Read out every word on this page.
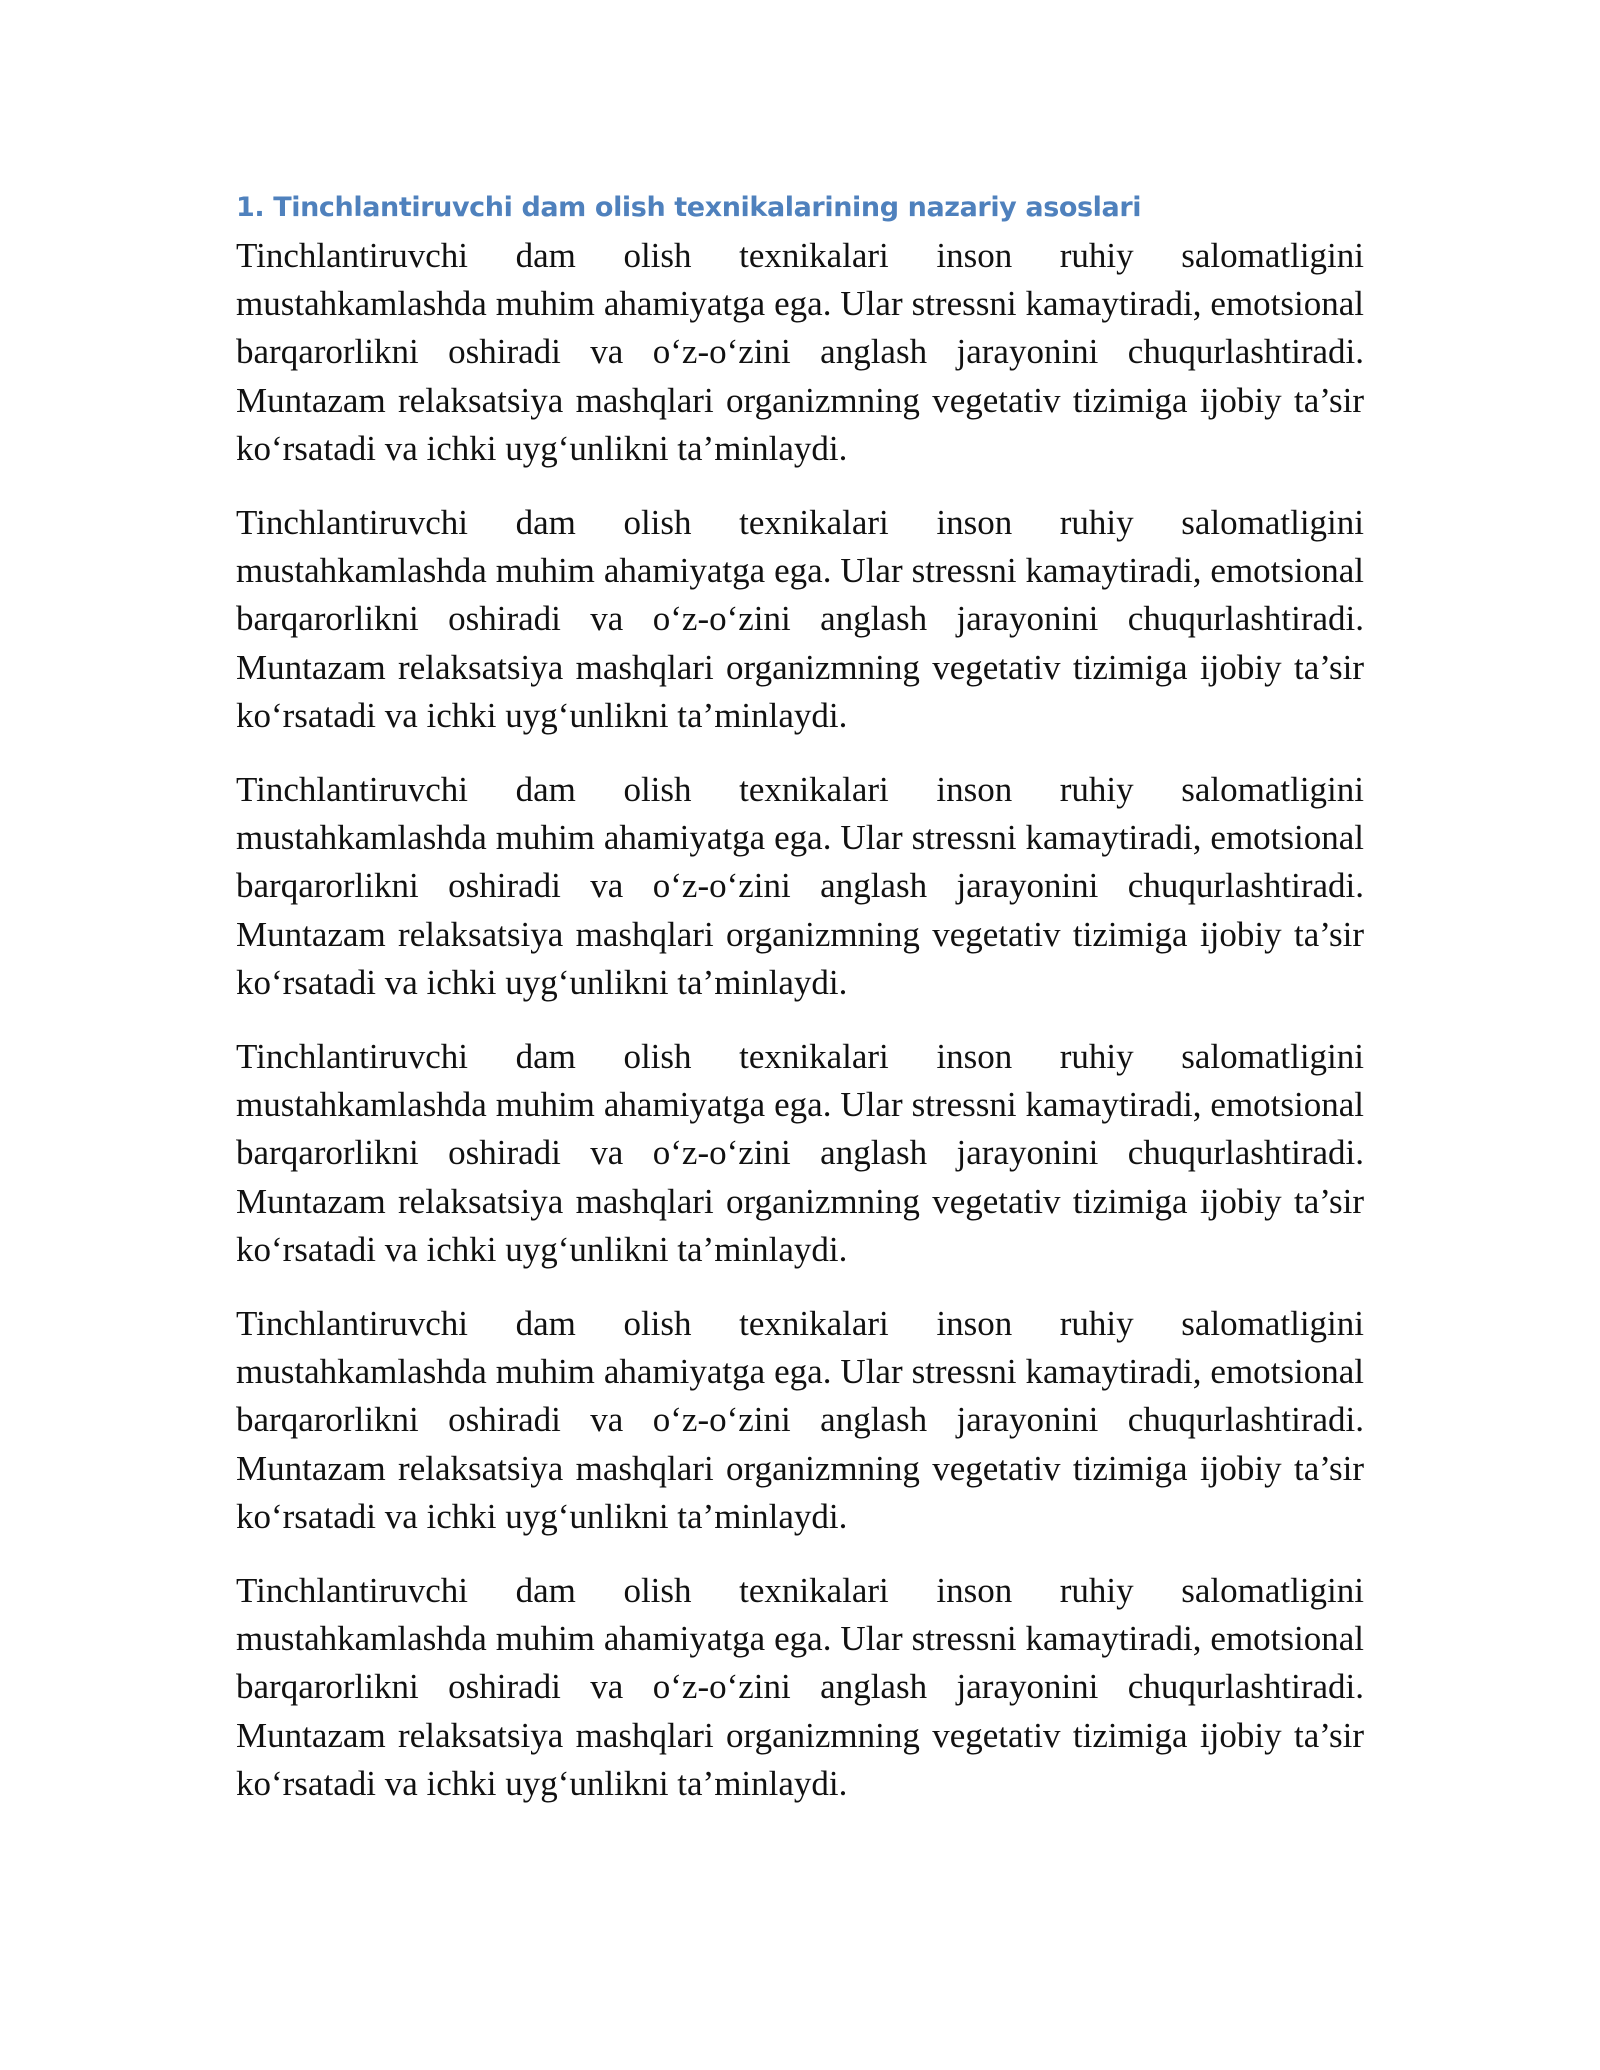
1. Tinchlantiruvchi dam olish texnikalarining nazariy asoslari

Tinchlantiruvchi dam olish texnikalari inson ruhiy salomatligini mustahkamlashda muhim ahamiyatga ega. Ular stressni kamaytiradi, emotsional barqarorlikni oshiradi va o‘z-o‘zini anglash jarayonini chuqurlashtiradi. Muntazam relaksatsiya mashqlari organizmning vegetativ tizimiga ijobiy ta’sir ko‘rsatadi va ichki uyg‘unlikni ta’minlaydi.

Tinchlantiruvchi dam olish texnikalari inson ruhiy salomatligini mustahkamlashda muhim ahamiyatga ega. Ular stressni kamaytiradi, emotsional barqarorlikni oshiradi va o‘z-o‘zini anglash jarayonini chuqurlashtiradi. Muntazam relaksatsiya mashqlari organizmning vegetativ tizimiga ijobiy ta’sir ko‘rsatadi va ichki uyg‘unlikni ta’minlaydi.

Tinchlantiruvchi dam olish texnikalari inson ruhiy salomatligini mustahkamlashda muhim ahamiyatga ega. Ular stressni kamaytiradi, emotsional barqarorlikni oshiradi va o‘z-o‘zini anglash jarayonini chuqurlashtiradi. Muntazam relaksatsiya mashqlari organizmning vegetativ tizimiga ijobiy ta’sir ko‘rsatadi va ichki uyg‘unlikni ta’minlaydi.

Tinchlantiruvchi dam olish texnikalari inson ruhiy salomatligini mustahkamlashda muhim ahamiyatga ega. Ular stressni kamaytiradi, emotsional barqarorlikni oshiradi va o‘z-o‘zini anglash jarayonini chuqurlashtiradi. Muntazam relaksatsiya mashqlari organizmning vegetativ tizimiga ijobiy ta’sir ko‘rsatadi va ichki uyg‘unlikni ta’minlaydi.

Tinchlantiruvchi dam olish texnikalari inson ruhiy salomatligini mustahkamlashda muhim ahamiyatga ega. Ular stressni kamaytiradi, emotsional barqarorlikni oshiradi va o‘z-o‘zini anglash jarayonini chuqurlashtiradi. Muntazam relaksatsiya mashqlari organizmning vegetativ tizimiga ijobiy ta’sir ko‘rsatadi va ichki uyg‘unlikni ta’minlaydi.

Tinchlantiruvchi dam olish texnikalari inson ruhiy salomatligini mustahkamlashda muhim ahamiyatga ega. Ular stressni kamaytiradi, emotsional barqarorlikni oshiradi va o‘z-o‘zini anglash jarayonini chuqurlashtiradi. Muntazam relaksatsiya mashqlari organizmning vegetativ tizimiga ijobiy ta’sir ko‘rsatadi va ichki uyg‘unlikni ta’minlaydi.
